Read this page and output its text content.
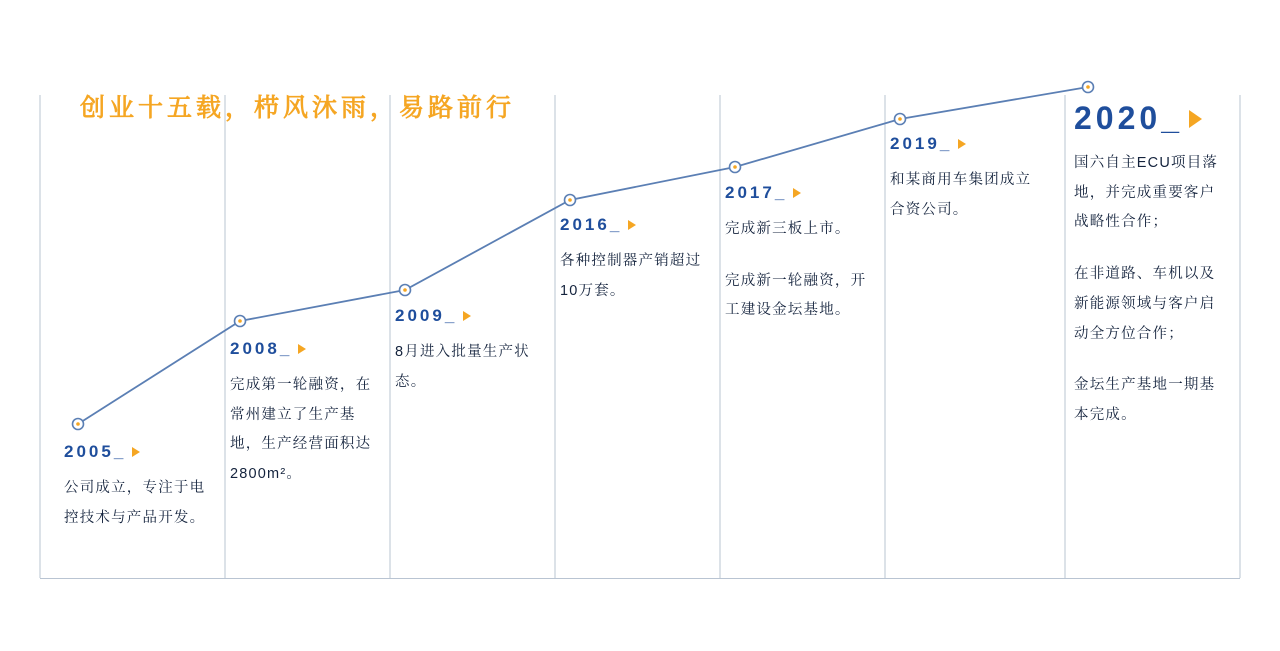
创业十五载，栉风沐雨，易路前行
2005_

公司成立，专注于电控技术与产品开发。

2008_

完成第一轮融资，在常州建立了生产基地，生产经营面积达2800m²。

2009_

8月进入批量生产状态。

2016_

各种控制器产销超过10万套。

2017_

完成新三板上市。

完成新一轮融资，开工建设金坛基地。

2019_

和某商用车集团成立合资公司。

2020_

国六自主ECU项目落地，并完成重要客户战略性合作；

在非道路、车机以及新能源领域与客户启动全方位合作；

金坛生产基地一期基本完成。
